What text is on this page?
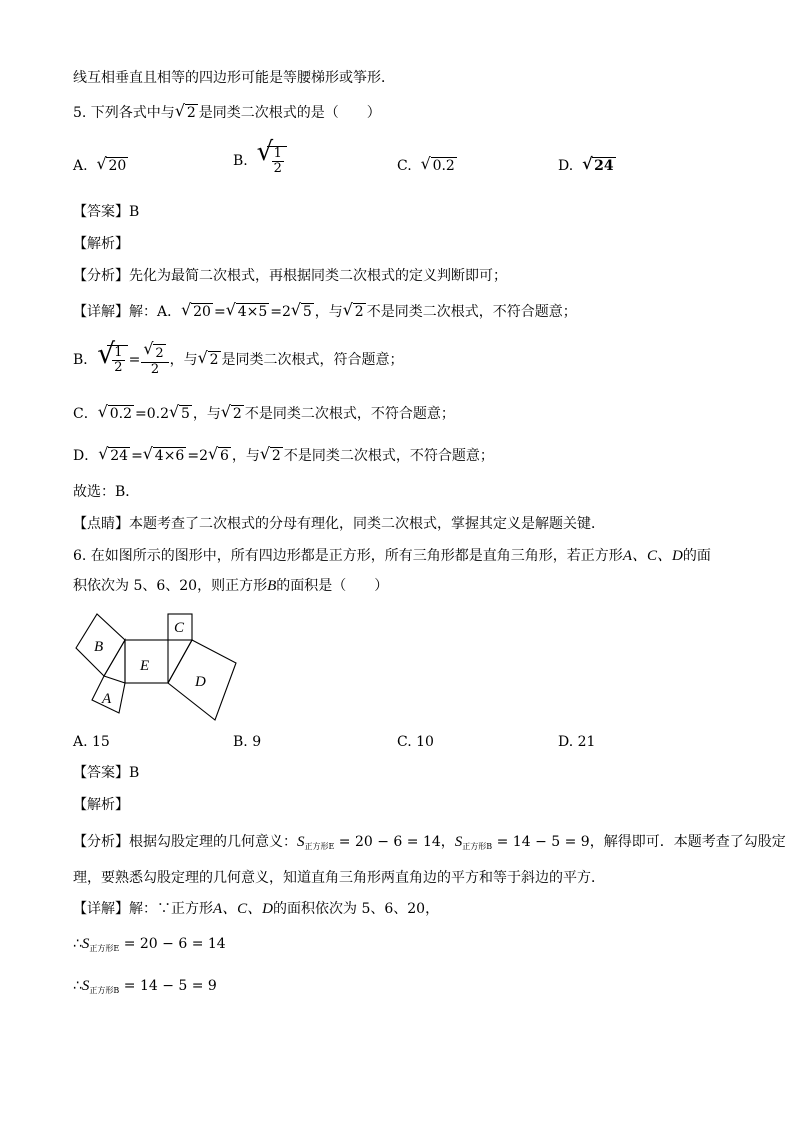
线互相垂直且相等的四边形可能是等腰梯形或筝形．
5. 下列各式中与 √ 2 是同类二次根式的是（　　）
A. √ 20	B. √
$\frac{1}{2}$	C. √ 0.2	D. √ 24
【答案】B
【解析】
【分析】先化为最简二次根式，再根据同类二次根式的定义判断即可；
【详解】解：A． √ 20 = √ 4×5 =2 √ 5 ，与 √ 2 不是同类二次根式，不符合题意；
B． √
$\frac{1}{2} = \frac{√ 2}{2}$ ，与 √ 2 是同类二次根式，符合题意；
C． √ 0.2 =0.2 √ 5 ，与 √ 2 不是同类二次根式，不符合题意；
D． √ 24 = √ 4×6 =2 √ 6 ，与 √ 2 不是同类二次根式，不符合题意；
故选：B．
【点睛】本题考查了二次根式的分母有理化，同类二次根式，掌握其定义是解题关键．
6. 在如图所示的图形中，所有四边形都是正方形，所有三角形都是直角三角形，若正方形A、C、D的面
积依次为 5、6、20，则正方形B的面积是（　　）
B
C
E
D
A
A. 15	B. 9	C. 10	D. 21
【答案】B
【解析】
【分析】根据勾股定理的几何意义：$S_{正方形E} = 20 - 6 = 14$，$S_{正方形B} = 14 - 5 = 9$，解得即可．本题考查了勾股定
理，要熟悉勾股定理的几何意义，知道直角三角形两直角边的平方和等于斜边的平方．
【详解】解：∵正方形A、C、D的面积依次为 5、6、20，
$\therefore S_{正方形E} = 20 - 6 = 14$
$\therefore S_{正方形B} = 14 - 5 = 9$
